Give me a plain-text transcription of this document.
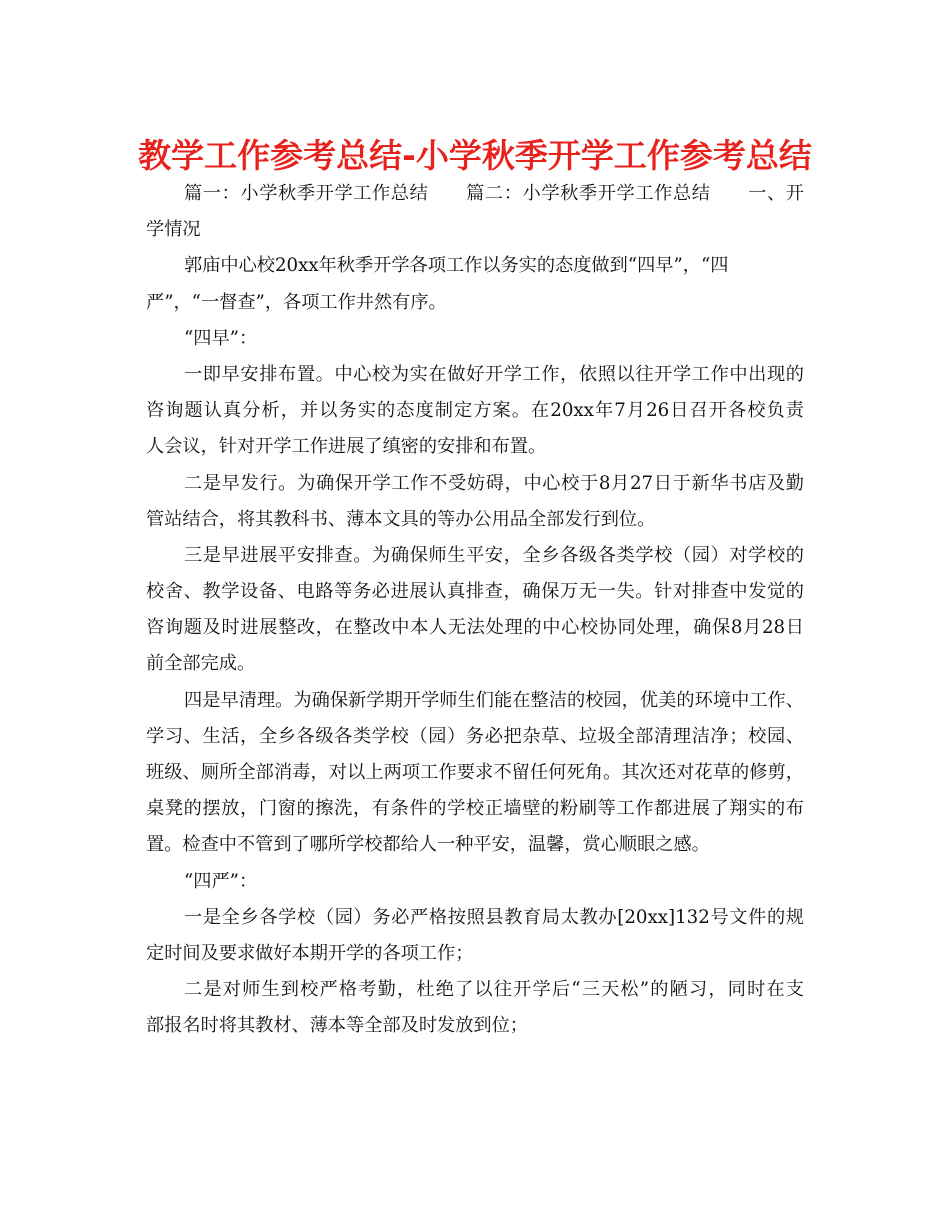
教学工作参考总结-小学秋季开学工作参考总结
篇一：小学秋季开学工作总结　　篇二：小学秋季开学工作总结　　一、开
学情况
郭庙中心校20xx年秋季开学各项工作以务实的态度做到“四早”，“四
严”，“一督查”，各项工作井然有序。
“四早”：
一即早安排布置。中心校为实在做好开学工作，依照以往开学工作中出现的
咨询题认真分析，并以务实的态度制定方案。在20xx年7月26日召开各校负责
人会议，针对开学工作进展了缜密的安排和布置。
二是早发行。为确保开学工作不受妨碍，中心校于8月27日于新华书店及勤
管站结合，将其教科书、薄本文具的等办公用品全部发行到位。
三是早进展平安排查。为确保师生平安，全乡各级各类学校（园）对学校的
校舍、教学设备、电路等务必进展认真排查，确保万无一失。针对排查中发觉的
咨询题及时进展整改，在整改中本人无法处理的中心校协同处理，确保8月28日
前全部完成。
四是早清理。为确保新学期开学师生们能在整洁的校园，优美的环境中工作、
学习、生活，全乡各级各类学校（园）务必把杂草、垃圾全部清理洁净；校园、
班级、厕所全部消毒，对以上两项工作要求不留任何死角。其次还对花草的修剪，
桌凳的摆放，门窗的擦洗，有条件的学校正墙壁的粉刷等工作都进展了翔实的布
置。检查中不管到了哪所学校都给人一种平安，温馨，赏心顺眼之感。
“四严”：
一是全乡各学校（园）务必严格按照县教育局太教办[20xx]132号文件的规
定时间及要求做好本期开学的各项工作；
二是对师生到校严格考勤，杜绝了以往开学后“三天松”的陋习，同时在支
部报名时将其教材、薄本等全部及时发放到位；
